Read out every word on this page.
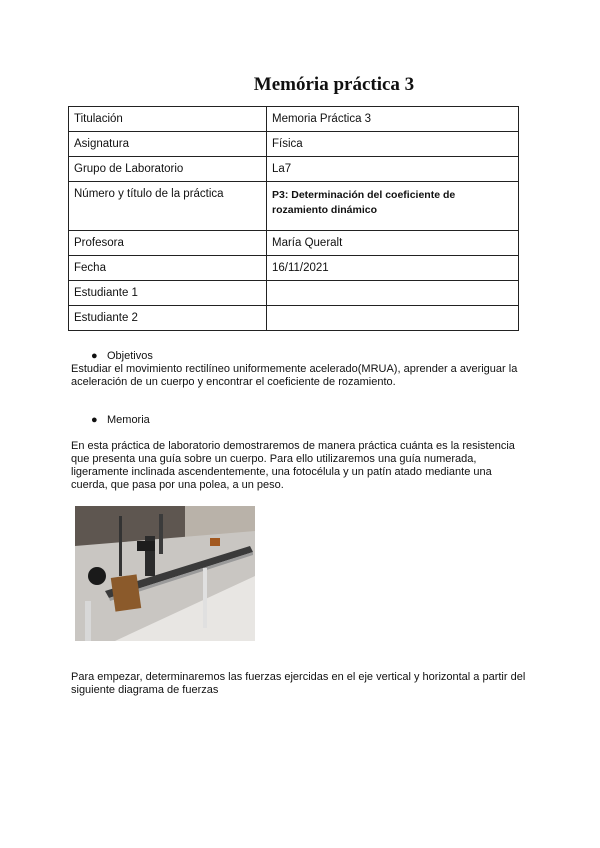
Memória práctica 3
Titulación	Memoria Práctica 3
Asignatura	Física
Grupo de Laboratorio	La7
Número y título de la práctica	P3: Determinación del coeficiente de rozamiento dinámico
Profesora	María Queralt
Fecha	16/11/2021
Estudiante 1	
Estudiante 2	
● Objetivos
Estudiar el movimiento rectilíneo uniformemente acelerado(MRUA), aprender a averiguar la aceleración de un cuerpo y encontrar el coeficiente de rozamiento.
● Memoria
En esta práctica de laboratorio demostraremos de manera práctica cuánta es la resistencia que presenta una guía sobre un cuerpo. Para ello utilizaremos una guía numerada, ligeramente inclinada ascendentemente, una fotocélula y un patín atado mediante una cuerda, que pasa por una polea, a un peso.
Para empezar, determinaremos las fuerzas ejercidas en el eje vertical y horizontal a partir del siguiente diagrama de fuerzas
